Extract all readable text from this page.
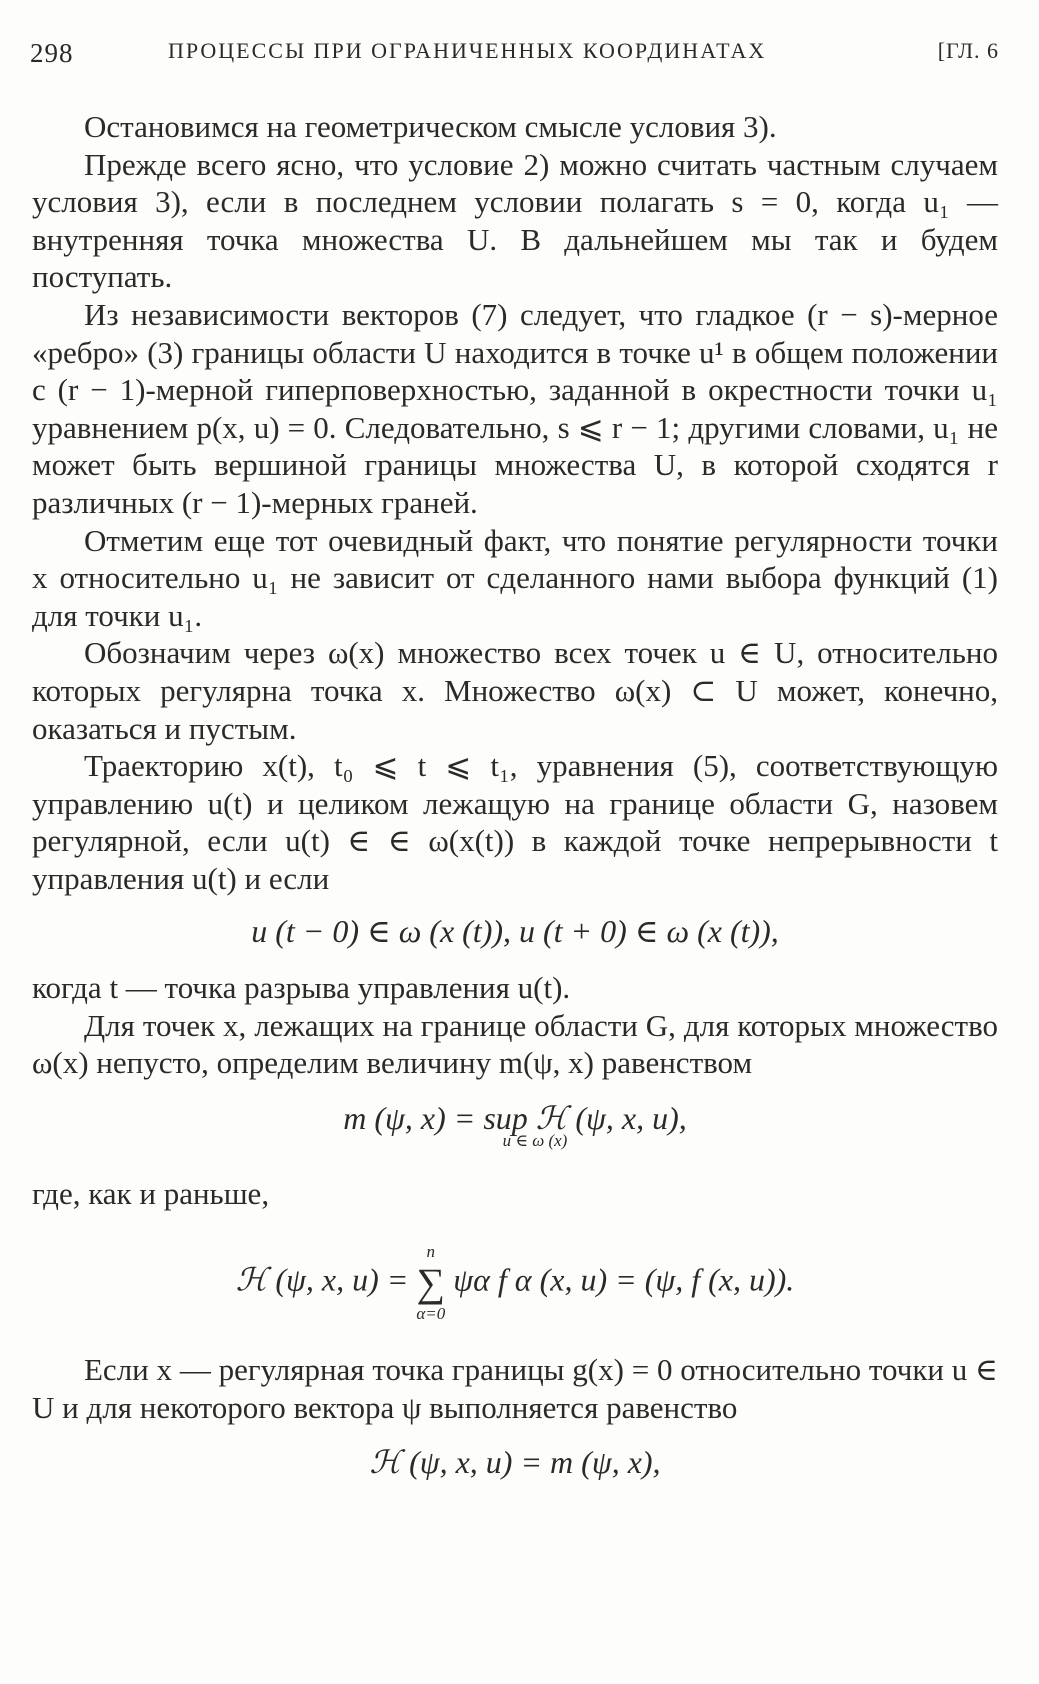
298	ПРОЦЕССЫ ПРИ ОГРАНИЧЕННЫХ КООРДИНАТАХ	[ГЛ. 6

Остановимся на геометрическом смысле условия 3).

Прежде всего ясно, что условие 2) можно считать частным случаем условия 3), если в последнем условии полагать s = 0, когда u₁ — внутренняя точка множества U. В дальнейшем мы так и будем поступать.

Из независимости векторов (7) следует, что гладкое (r − s)-мерное «ребро» (3) границы области U находится в точке u¹ в общем положении с (r − 1)-мерной гиперповерхностью, заданной в окрестности точки u₁ уравнением p(x, u) = 0. Следовательно, s ⩽ r − 1; другими словами, u₁ не может быть вершиной границы множества U, в которой сходятся r различных (r − 1)-мерных граней.

Отметим еще тот очевидный факт, что понятие регулярности точки x относительно u₁ не зависит от сделанного нами выбора функций (1) для точки u₁.

Обозначим через ω(x) множество всех точек u ∈ U, относительно которых регулярна точка x. Множество ω(x) ⊂ U может, конечно, оказаться и пустым.

Траекторию x(t), t₀ ⩽ t ⩽ t₁, уравнения (5), соответствующую управлению u(t) и целиком лежащую на границе области G, назовем регулярной, если u(t) ∈ ∈ ω(x(t)) в каждой точке непрерывности t управления u(t) и если

u (t − 0) ∈ ω (x (t)), u (t + 0) ∈ ω (x (t)),

когда t — точка разрыва управления u(t).

Для точек x, лежащих на границе области G, для которых множество ω(x) непусто, определим величину m(ψ, x) равенством

m (ψ, x) = sup ℋ (ψ, x, u),
u ∈ ω (x)

где, как и раньше,

ℋ (ψ, x, u) =
n
∑
α=0
ψα f α (x, u) = (ψ, f (x, u)).

Если x — регулярная точка границы g(x) = 0 относительно точки u ∈ U и для некоторого вектора ψ выполняется равенство

ℋ (ψ, x, u) = m (ψ, x),
